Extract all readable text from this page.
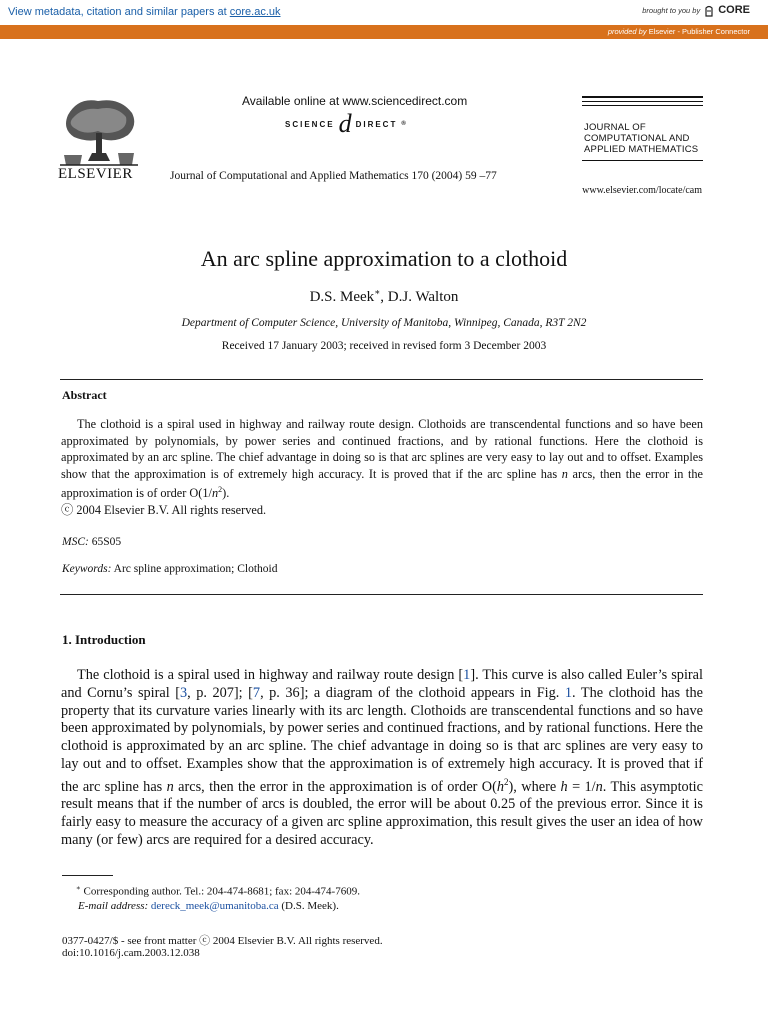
View metadata, citation and similar papers at core.ac.uk	brought to you by CORE
provided by Elsevier - Publisher Connector
ELSEVIER
Available online at www.sciencedirect.com
SCIENCE d DIRECT ®
Journal of Computational and Applied Mathematics 170 (2004) 59 –77
JOURNAL OF
COMPUTATIONAL AND
APPLIED MATHEMATICS
www.elsevier.com/locate/cam
An arc spline approximation to a clothoid
D.S. Meek∗, D.J. Walton
Department of Computer Science, University of Manitoba, Winnipeg, Canada, R3T 2N2
Received 17 January 2003; received in revised form 3 December 2003
Abstract
The clothoid is a spiral used in highway and railway route design. Clothoids are transcendental functions and so have been approximated by polynomials, by power series and continued fractions, and by rational functions. Here the clothoid is approximated by an arc spline. The chief advantage in doing so is that arc splines are very easy to lay out and to offset. Examples show that the approximation is of extremely high accuracy. It is proved that if the arc spline has n arcs, then the error in the approximation is of order $O(1/n^2)$.
ⓒ 2004 Elsevier B.V. All rights reserved.
MSC: 65S05
Keywords: Arc spline approximation; Clothoid
1. Introduction
The clothoid is a spiral used in highway and railway route design [1]. This curve is also called Euler’s spiral and Cornu’s spiral [3, p. 207]; [7, p. 36]; a diagram of the clothoid appears in Fig. 1. The clothoid has the property that its curvature varies linearly with its arc length. Clothoids are transcendental functions and so have been approximated by polynomials, by power series and continued fractions, and by rational functions. Here the clothoid is approximated by an arc spline. The chief advantage in doing so is that arc splines are very easy to lay out and to offset. Examples show that the approximation is of extremely high accuracy. It is proved that if the arc spline has n arcs, then the error in the approximation is of order $O(h^2)$, where h = 1/n. This asymptotic result means that if the number of arcs is doubled, the error will be about 0.25 of the previous error. Since it is fairly easy to measure the accuracy of a given arc spline approximation, this result gives the user an idea of how many (or few) arcs are required for a desired accuracy.
∗ Corresponding author. Tel.: 204-474-8681; fax: 204-474-7609.
E-mail address: dereck_meek@umanitoba.ca (D.S. Meek).
0377-0427/$ - see front matter ⓒ 2004 Elsevier B.V. All rights reserved.
doi:10.1016/j.cam.2003.12.038
